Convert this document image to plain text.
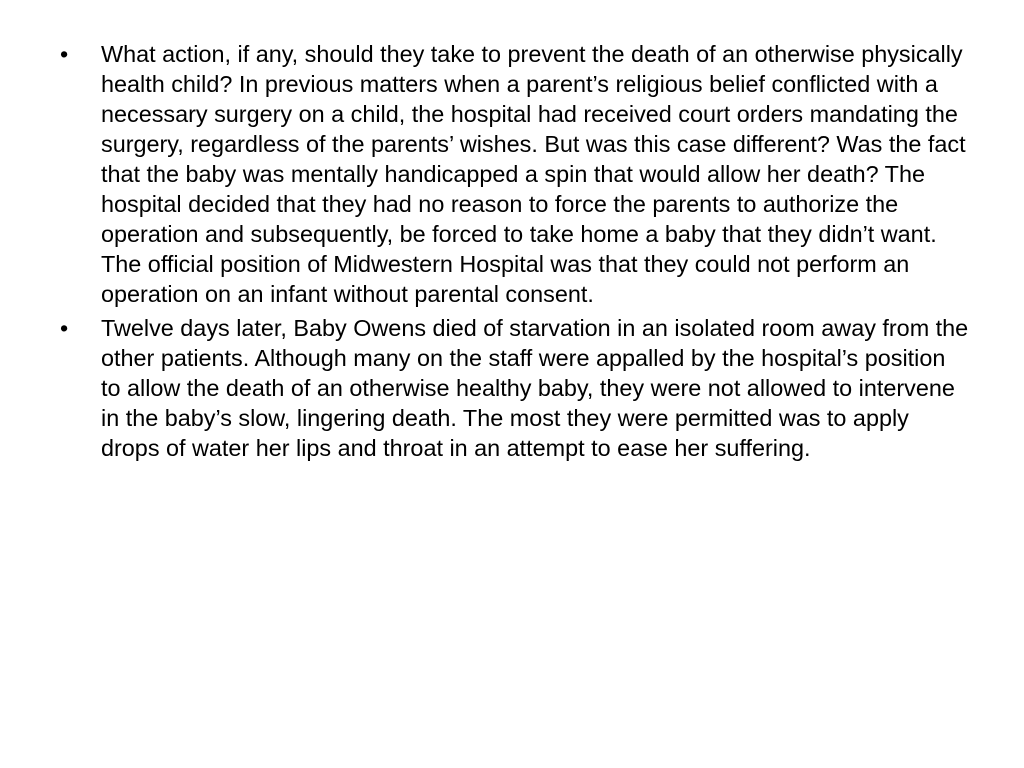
•	What action, if any, should they take to prevent the death of an otherwise physically health child? In previous matters when a parent’s religious belief conflicted with a necessary surgery on a child, the hospital had received court orders mandating the surgery, regardless of the parents’ wishes. But was this case different? Was the fact that the baby was mentally handicapped a spin that would allow her death? The hospital decided that they had no reason to force the parents to authorize the operation and subsequently, be forced to take home a baby that they didn’t want. The official position of Midwestern Hospital was that they could not perform an operation on an infant without parental consent.
•	Twelve days later, Baby Owens died of starvation in an isolated room away from the other patients. Although many on the staff were appalled by the hospital’s position to allow the death of an otherwise healthy baby, they were not allowed to intervene in the baby’s slow, lingering death. The most they were permitted was to apply drops of water her lips and throat in an attempt to ease her suffering.
